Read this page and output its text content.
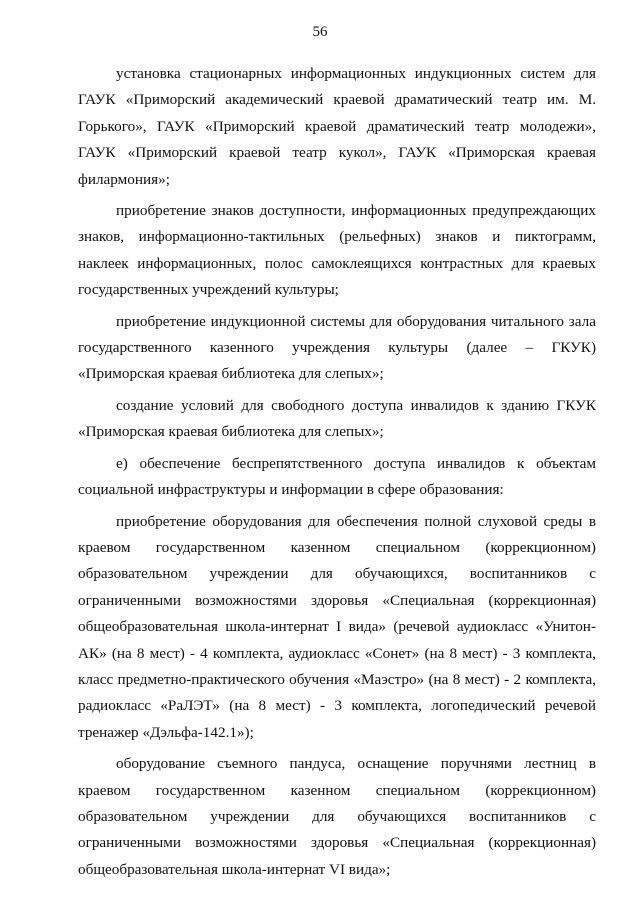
56

установка стационарных информационных индукционных систем для ГАУК «Приморский академический краевой драматический театр им. М. Горького», ГАУК «Приморский краевой драматический театр молодежи», ГАУК «Приморский краевой театр кукол», ГАУК «Приморская краевая филармония»;

приобретение знаков доступности, информационных предупреждающих знаков, информационно-тактильных (рельефных) знаков и пиктограмм, наклеек информационных, полос самоклеящихся контрастных для краевых государственных учреждений культуры;

приобретение индукционной системы для оборудования читального зала государственного казенного учреждения культуры (далее – ГКУК) «Приморская краевая библиотека для слепых»;

создание условий для свободного доступа инвалидов к зданию ГКУК «Приморская краевая библиотека для слепых»;

е) обеспечение беспрепятственного доступа инвалидов к объектам социальной инфраструктуры и информации в сфере образования:

приобретение оборудования для обеспечения полной слуховой среды в краевом государственном казенном специальном (коррекционном) образовательном учреждении для обучающихся, воспитанников с ограниченными возможностями здоровья «Специальная (коррекционная) общеобразовательная школа-интернат I вида» (речевой аудиокласс «Унитон-АК» (на 8 мест) - 4 комплекта, аудиокласс «Сонет» (на 8 мест) - 3 комплекта, класс предметно-практического обучения «Маэстро» (на 8 мест) - 2 комплекта, радиокласс «РаЛЭТ» (на 8 мест) - 3 комплекта, логопедический речевой тренажер «Дэльфа-142.1»);

оборудование съемного пандуса, оснащение поручнями лестниц в краевом государственном казенном специальном (коррекционном) образовательном учреждении для обучающихся воспитанников с ограниченными возможностями здоровья «Специальная (коррекционная) общеобразовательная школа-интернат VI вида»;
